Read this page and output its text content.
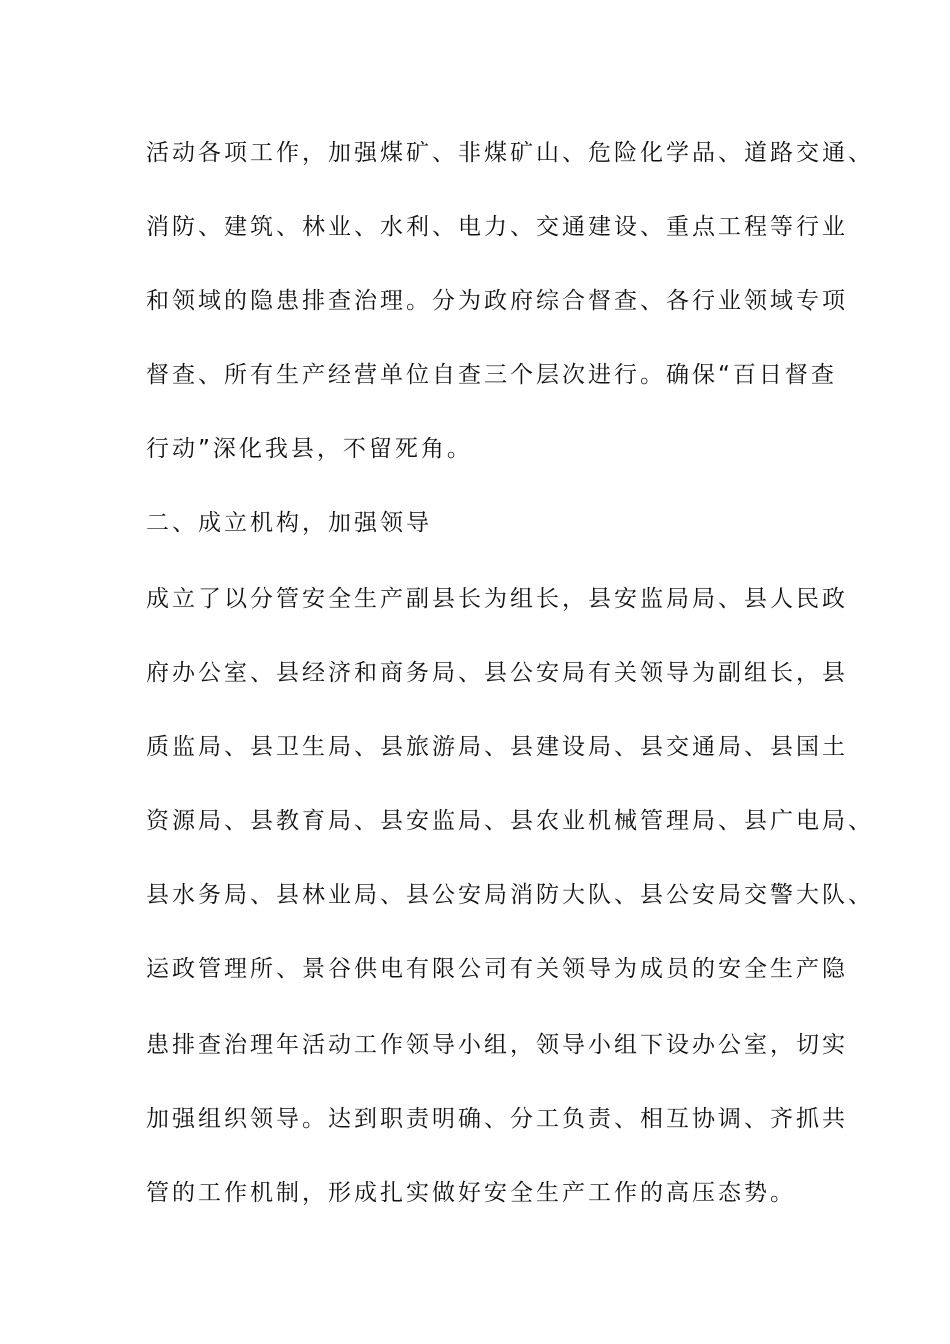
活动各项工作，加强煤矿、非煤矿山、危险化学品、道路交通、
消防、建筑、林业、水利、电力、交通建设、重点工程等行业
和领域的隐患排查治理。分为政府综合督查、各行业领域专项
督查、所有生产经营单位自查三个层次进行。确保“百日督查
行动”深化我县，不留死角。
二、成立机构，加强领导
成立了以分管安全生产副县长为组长，县安监局局、县人民政
府办公室、县经济和商务局、县公安局有关领导为副组长，县
质监局、县卫生局、县旅游局、县建设局、县交通局、县国土
资源局、县教育局、县安监局、县农业机械管理局、县广电局、
县水务局、县林业局、县公安局消防大队、县公安局交警大队、
运政管理所、景谷供电有限公司有关领导为成员的安全生产隐
患排查治理年活动工作领导小组，领导小组下设办公室，切实
加强组织领导。达到职责明确、分工负责、相互协调、齐抓共
管的工作机制，形成扎实做好安全生产工作的高压态势。
